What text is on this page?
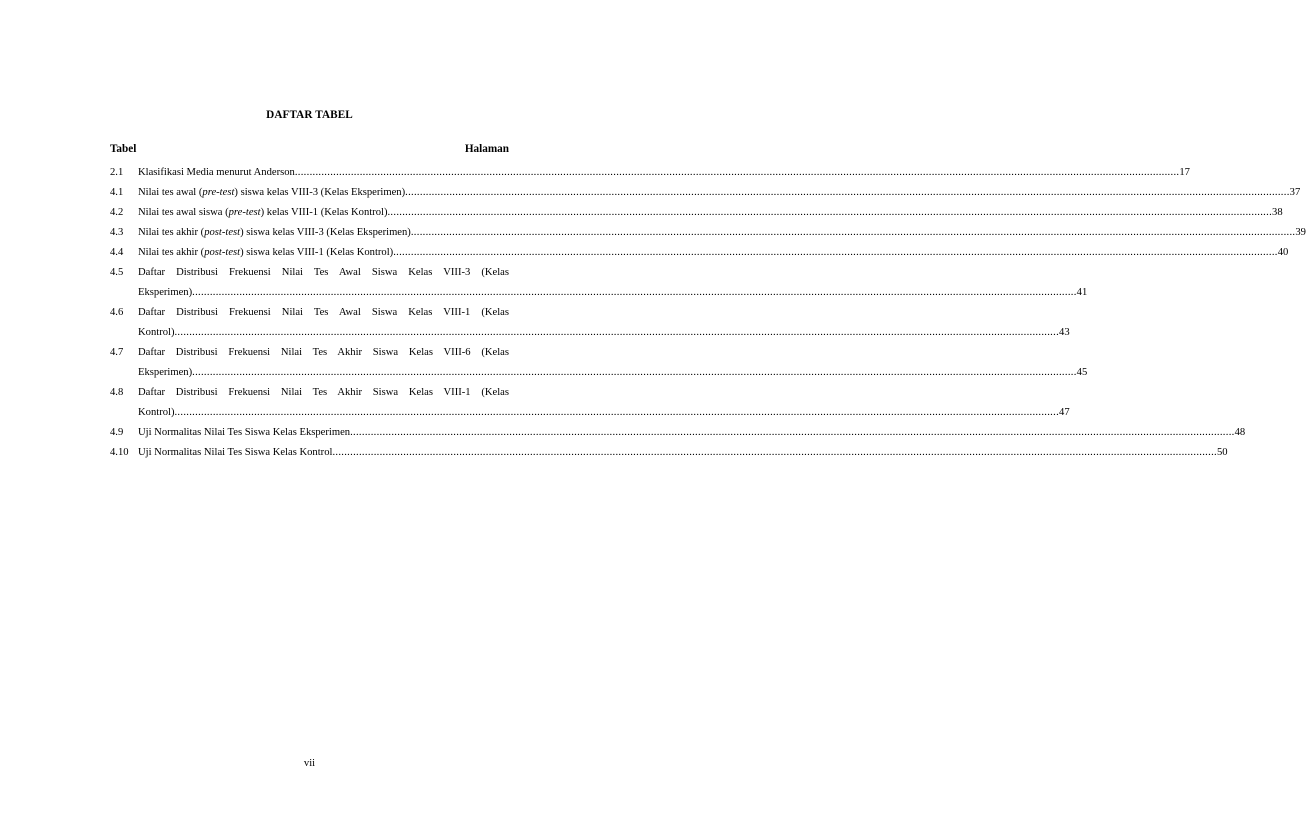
DAFTAR TABEL
Tabel	Halaman
2.1	Klasifikasi Media menurut Anderson ............................................................................................................................................................................................................................................................................................................ 17
4.1	Nilai tes awal (pre-test) siswa kelas VIII-3 (Kelas Eksperimen) ............................................................................................................................................................................................................................................................................................................ 37
4.2	Nilai tes awal siswa (pre-test) kelas VIII-1 (Kelas Kontrol) ............................................................................................................................................................................................................................................................................................................ 38
4.3	Nilai tes akhir (post-test) siswa kelas VIII-3 (Kelas Eksperimen) ............................................................................................................................................................................................................................................................................................................ 39
4.4	Nilai tes akhir (post-test) siswa kelas VIII-1 (Kelas Kontrol) ............................................................................................................................................................................................................................................................................................................ 40
4.5	Daftar Distribusi Frekuensi Nilai Tes Awal Siswa Kelas VIII-3 (Kelas
Eksperimen) ............................................................................................................................................................................................................................................................................................................ 41
4.6	Daftar Distribusi Frekuensi Nilai Tes Awal Siswa Kelas VIII-1 (Kelas
Kontrol) ............................................................................................................................................................................................................................................................................................................ 43
4.7	Daftar Distribusi Frekuensi Nilai Tes Akhir Siswa Kelas VIII-6 (Kelas
Eksperimen) ............................................................................................................................................................................................................................................................................................................ 45
4.8	Daftar Distribusi Frekuensi Nilai Tes Akhir Siswa Kelas VIII-1 (Kelas
Kontrol) ............................................................................................................................................................................................................................................................................................................ 47
4.9	Uji Normalitas Nilai Tes Siswa Kelas Eksperimen ............................................................................................................................................................................................................................................................................................................ 48
4.10 Uji Normalitas Nilai Tes Siswa Kelas Kontrol ............................................................................................................................................................................................................................................................................................................ 50
vii
